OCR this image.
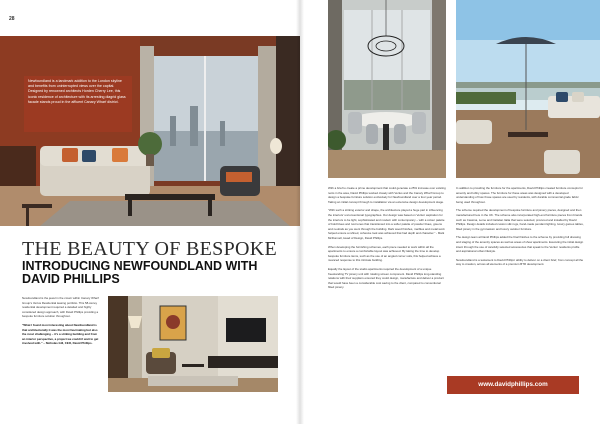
28
Newfoundland is a landmark addition to the London skyline and benefits from uninterrupted views over the capital. Designed by renowned architects Horden Cherry Lee, this iconic residence of architecture with its arresting diagrid glass facade stands proud in the affluent Canary Wharf district.
THE BEAUTY OF BESPOKE
INTRODUCING NEWFOUNDLAND WITH DAVID PHILLIPS

Newfoundland is the jewel in the crown within Canary Wharf Group's Vertus Residential leasing portfolio. This 58-storey residential development required a detailed and highly considered design approach, with David Phillips providing a bespoke furniture solution throughout.

"What I found most interesting about Newfoundland is that architecturally it was the most fascinating but also the most challenging – it's a striking building and from an interior perspective, a project we couldn't wait to get involved with." – Nicholas Gill, CEO, David Phillips.

With a brief to create a prime development that could generate a 25% increase over existing rents in the area, David Phillips worked closely with Vertus and the Canary Wharf Group to design a bespoke furniture solution exclusively for Newfoundland over a four-year period. Taking an initial concept through to installation via an extensive design development stage.

"With such a striking exterior and shape, the architecture played a huge part in influencing the interiors' unconventional typographies. Our design was based on Vertus' aspiration for the interiors to be light, sophisticated and modern with contemporary – with a colour palette of bold blues and rust tones that transitioned into a softer palette of powder blues, greens and neutrals as you went through the building. Dark wood finishes, marbles and metal work helped ensure a refined, cohesive look was achieved that had depth and character." - Mark McDonnell, Head of Design, David Phillips.

When developing the furnishing schemes, each piece needed to work within all the apartments to ensure a comfortable layout was achieved. By taking the time to develop bespoke furniture items, such as the use of an angled corner sofa, this helped achieve a nuanced response to this intricate building.

Equally the layout of the studio apartments required the development of a unique freestanding TV joinery unit with rotating screen component. David Phillips long-standing relations with their suppliers ensured they could design, manufacture and deliver a product that would have been a considerable cost saving to the client, compared to conventional fitted joinery.

In addition to providing the furniture for the apartments, David Phillips created furniture concepts for amenity and lobby spaces. The furniture for these areas was designed with a developed understanding of how those spaces are used by residents, with durable commercial grade fabric being used throughout.

The scheme required the development of bespoke furniture and joinery pieces, designed and then manufactured here in the UK. The scheme also incorporated high-end furniture pieces from brands such as Cassina, Leme and Cattelan Italia that were selected, procured and installed by David Phillips. Design details included custom silk rugs, hand-made pendant lighting, luxury games tables, fitted joinery in the gymnasium and luxury outdoor furniture.

The design team at David Phillips added the final finishes to the scheme by providing full dressing and staging of the amenity spaces as well as areas of show apartments. Executing the initial design intent through the use of carefully selected accessories that speak to the Vertus' residents profile and aspirational urban lifestyle.

Newfoundland is a testament to David Phillips' ability to deliver on a client brief, from concept all the way to creation, across all elements of a premium BTR development.

www.davidphillips.com
